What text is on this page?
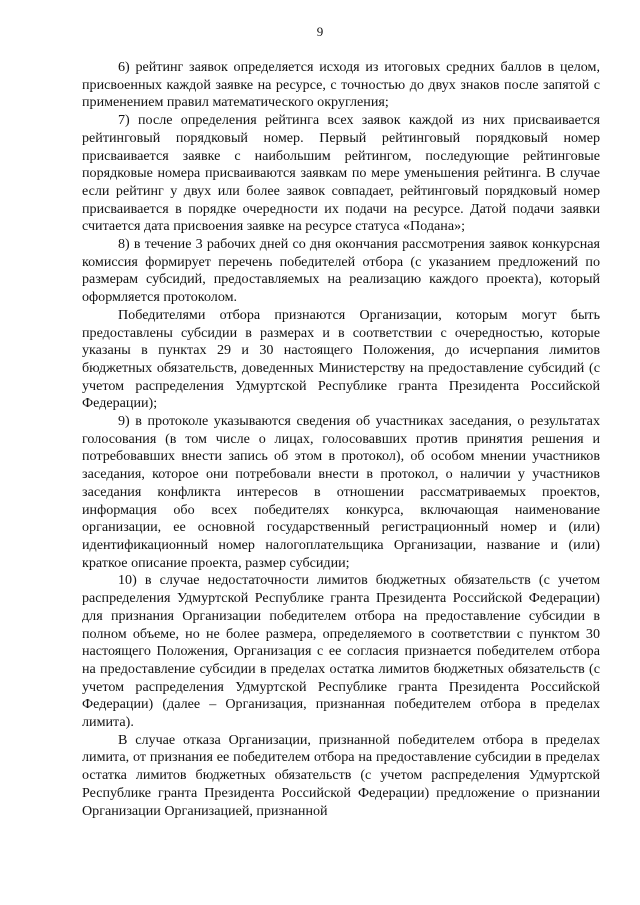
9

6) рейтинг заявок определяется исходя из итоговых средних баллов в целом, присвоенных каждой заявке на ресурсе, с точностью до двух знаков после запятой с применением правил математического округления;

7) после определения рейтинга всех заявок каждой из них присваивается рейтинговый порядковый номер. Первый рейтинговый порядковый номер присваивается заявке с наибольшим рейтингом, последующие рейтинговые порядковые номера присваиваются заявкам по мере уменьшения рейтинга. В случае если рейтинг у двух или более заявок совпадает, рейтинговый порядковый номер присваивается в порядке очередности их подачи на ресурсе. Датой подачи заявки считается дата присвоения заявке на ресурсе статуса «Подана»;

8) в течение 3 рабочих дней со дня окончания рассмотрения заявок конкурсная комиссия формирует перечень победителей отбора (с указанием предложений по размерам субсидий, предоставляемых на реализацию каждого проекта), который оформляется протоколом.

Победителями отбора признаются Организации, которым могут быть предоставлены субсидии в размерах и в соответствии с очередностью, которые указаны в пунктах 29 и 30 настоящего Положения, до исчерпания лимитов бюджетных обязательств, доведенных Министерству на предоставление субсидий (с учетом распределения Удмуртской Республике гранта Президента Российской Федерации);

9) в протоколе указываются сведения об участниках заседания, о результатах голосования (в том числе о лицах, голосовавших против принятия решения и потребовавших внести запись об этом в протокол), об особом мнении участников заседания, которое они потребовали внести в протокол, о наличии у участников заседания конфликта интересов в отношении рассматриваемых проектов, информация обо всех победителях конкурса, включающая наименование организации, ее основной государственный регистрационный номер и (или) идентификационный номер налогоплательщика Организации, название и (или) краткое описание проекта, размер субсидии;

10) в случае недостаточности лимитов бюджетных обязательств (с учетом распределения Удмуртской Республике гранта Президента Российской Федерации) для признания Организации победителем отбора на предоставление субсидии в полном объеме, но не более размера, определяемого в соответствии с пунктом 30 настоящего Положения, Организация с ее согласия признается победителем отбора на предоставление субсидии в пределах остатка лимитов бюджетных обязательств (с учетом распределения Удмуртской Республике гранта Президента Российской Федерации) (далее – Организация, признанная победителем отбора в пределах лимита).

В случае отказа Организации, признанной победителем отбора в пределах лимита, от признания ее победителем отбора на предоставление субсидии в пределах остатка лимитов бюджетных обязательств (с учетом распределения Удмуртской Республике гранта Президента Российской Федерации) предложение о признании Организации Организацией, признанной
